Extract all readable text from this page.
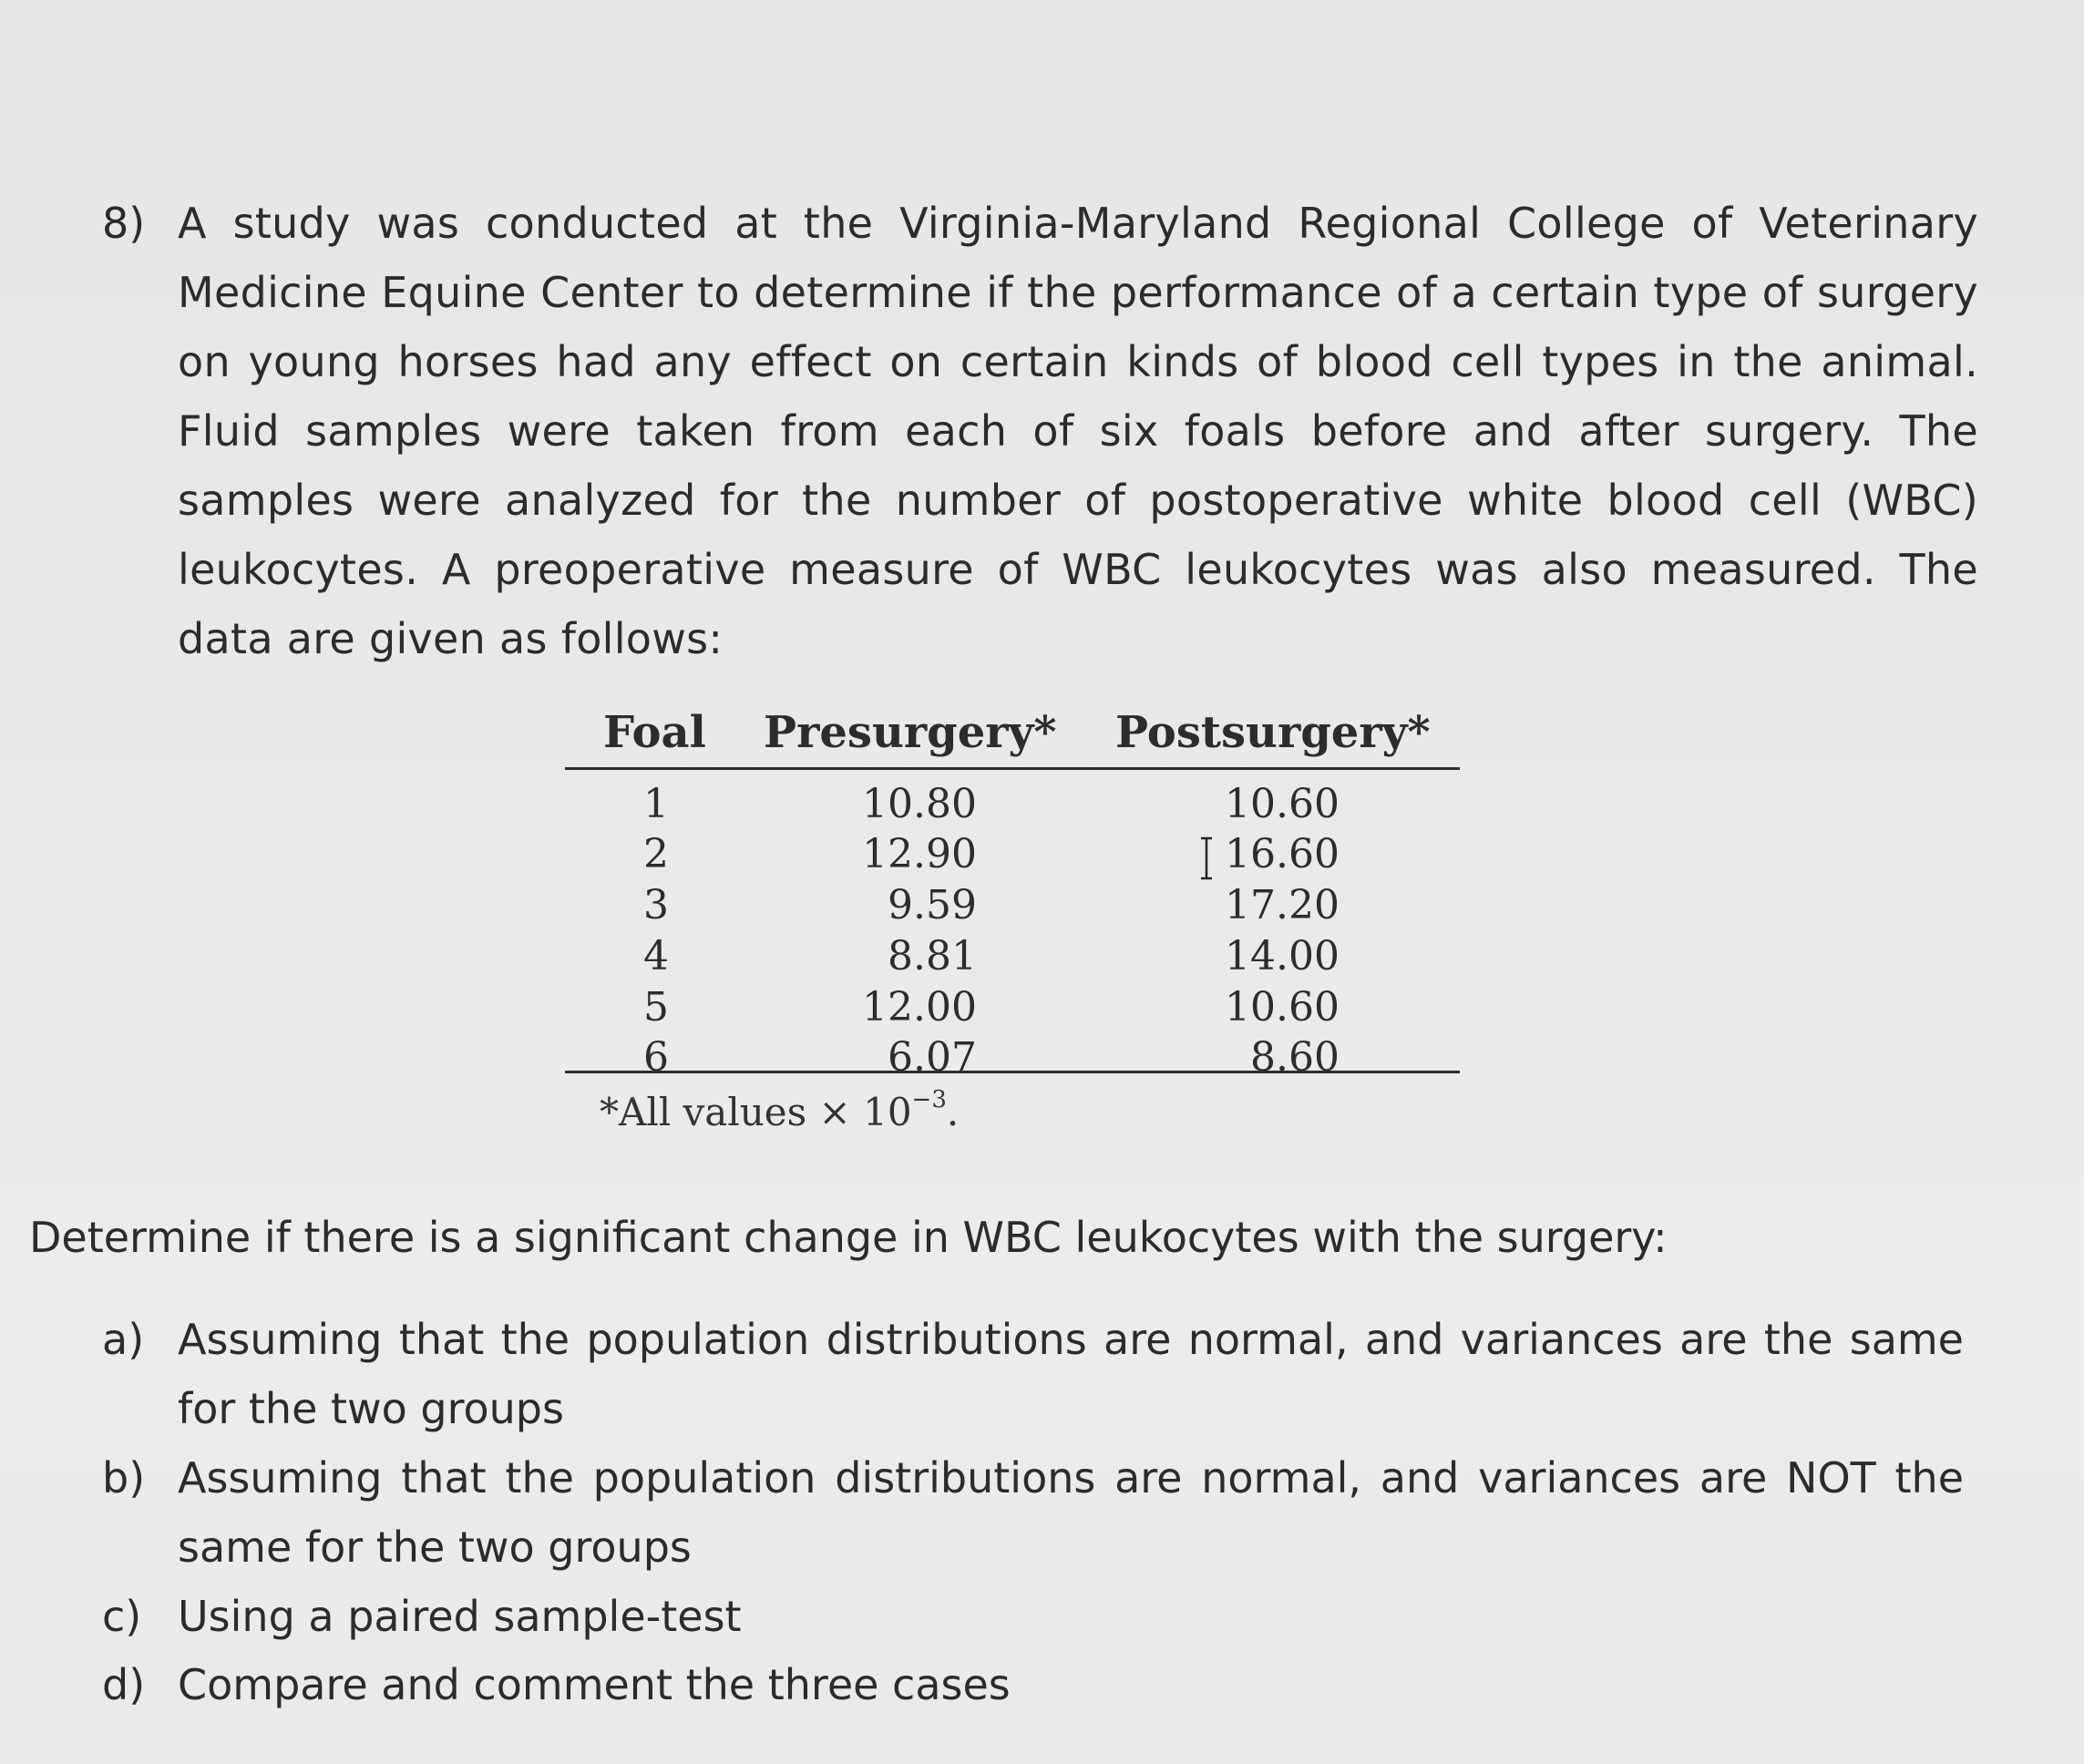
8) A study was conducted at the Virginia-Maryland Regional College of Veterinary Medicine Equine Center to determine if the performance of a certain type of surgery on young horses had any effect on certain kinds of blood cell types in the animal. Fluid samples were taken from each of six foals before and after surgery. The samples were analyzed for the number of postoperative white blood cell (WBC) leukocytes. A preoperative measure of WBC leukocytes was also measured. The data are given as follows:
Foal Presurgery* Postsurgery*
1	10.80	10.60
2	12.90	16.60
3	9.59	17.20
4	8.81	14.00
5	12.00	10.60
6	6.07	8.60
*All values × $10^{-3}$.
Determine if there is a significant change in WBC leukocytes with the surgery:
a) Assuming that the population distributions are normal, and variances are the same for the two groups
b) Assuming that the population distributions are normal, and variances are NOT the same for the two groups
c) Using a paired sample-test
d) Compare and comment the three cases
